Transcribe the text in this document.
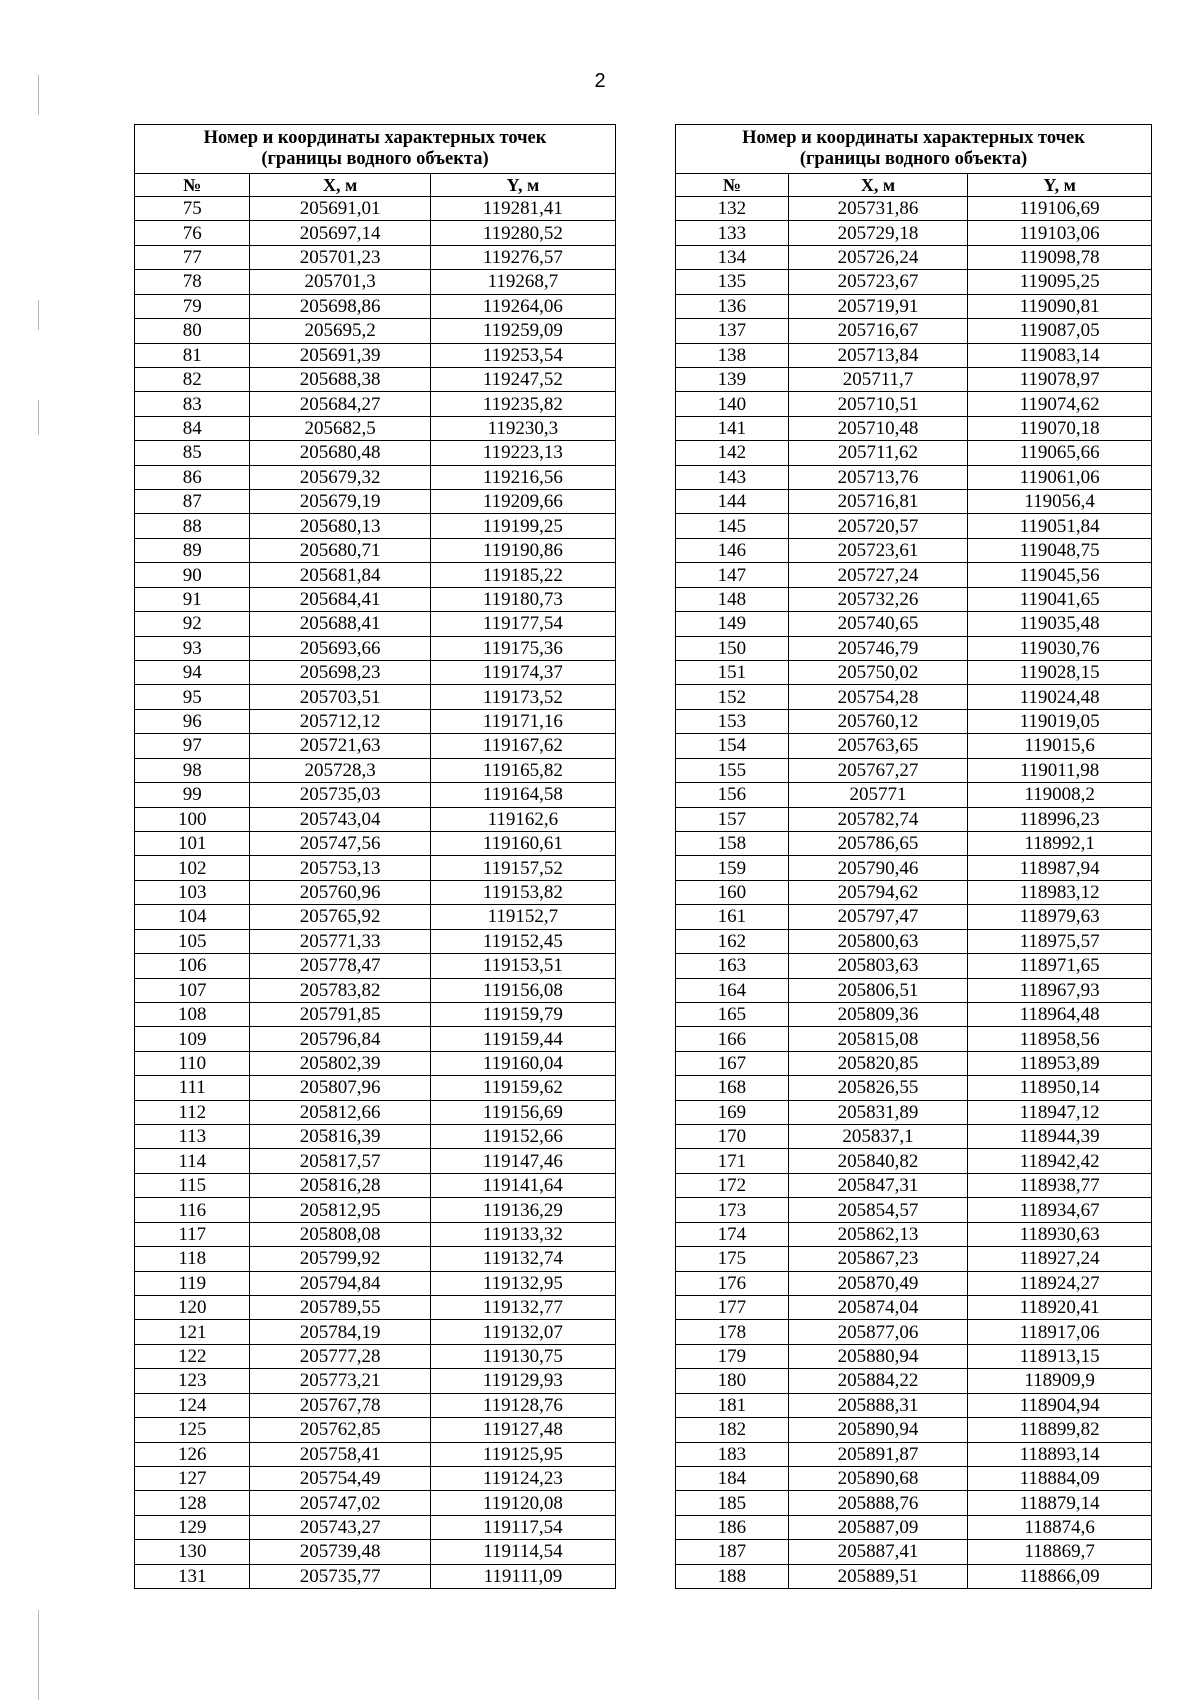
2
Номер и координаты характерных точек
(границы водного объекта)		

№	X, м	Y, м
75	205691,01	119281,41
76	205697,14	119280,52
77	205701,23	119276,57
78	205701,3	119268,7
79	205698,86	119264,06
80	205695,2	119259,09
81	205691,39	119253,54
82	205688,38	119247,52
83	205684,27	119235,82
84	205682,5	119230,3
85	205680,48	119223,13
86	205679,32	119216,56
87	205679,19	119209,66
88	205680,13	119199,25
89	205680,71	119190,86
90	205681,84	119185,22
91	205684,41	119180,73
92	205688,41	119177,54
93	205693,66	119175,36
94	205698,23	119174,37
95	205703,51	119173,52
96	205712,12	119171,16
97	205721,63	119167,62
98	205728,3	119165,82
99	205735,03	119164,58
100	205743,04	119162,6
101	205747,56	119160,61
102	205753,13	119157,52
103	205760,96	119153,82
104	205765,92	119152,7
105	205771,33	119152,45
106	205778,47	119153,51
107	205783,82	119156,08
108	205791,85	119159,79
109	205796,84	119159,44
110	205802,39	119160,04
111	205807,96	119159,62
112	205812,66	119156,69
113	205816,39	119152,66
114	205817,57	119147,46
115	205816,28	119141,64
116	205812,95	119136,29
117	205808,08	119133,32
118	205799,92	119132,74
119	205794,84	119132,95
120	205789,55	119132,77
121	205784,19	119132,07
122	205777,28	119130,75
123	205773,21	119129,93
124	205767,78	119128,76
125	205762,85	119127,48
126	205758,41	119125,95
127	205754,49	119124,23
128	205747,02	119120,08
129	205743,27	119117,54
130	205739,48	119114,54
131	205735,77	119111,09
Номер и координаты характерных точек
(границы водного объекта)		

№	X, м	Y, м
132	205731,86	119106,69
133	205729,18	119103,06
134	205726,24	119098,78
135	205723,67	119095,25
136	205719,91	119090,81
137	205716,67	119087,05
138	205713,84	119083,14
139	205711,7	119078,97
140	205710,51	119074,62
141	205710,48	119070,18
142	205711,62	119065,66
143	205713,76	119061,06
144	205716,81	119056,4
145	205720,57	119051,84
146	205723,61	119048,75
147	205727,24	119045,56
148	205732,26	119041,65
149	205740,65	119035,48
150	205746,79	119030,76
151	205750,02	119028,15
152	205754,28	119024,48
153	205760,12	119019,05
154	205763,65	119015,6
155	205767,27	119011,98
156	205771	119008,2
157	205782,74	118996,23
158	205786,65	118992,1
159	205790,46	118987,94
160	205794,62	118983,12
161	205797,47	118979,63
162	205800,63	118975,57
163	205803,63	118971,65
164	205806,51	118967,93
165	205809,36	118964,48
166	205815,08	118958,56
167	205820,85	118953,89
168	205826,55	118950,14
169	205831,89	118947,12
170	205837,1	118944,39
171	205840,82	118942,42
172	205847,31	118938,77
173	205854,57	118934,67
174	205862,13	118930,63
175	205867,23	118927,24
176	205870,49	118924,27
177	205874,04	118920,41
178	205877,06	118917,06
179	205880,94	118913,15
180	205884,22	118909,9
181	205888,31	118904,94
182	205890,94	118899,82
183	205891,87	118893,14
184	205890,68	118884,09
185	205888,76	118879,14
186	205887,09	118874,6
187	205887,41	118869,7
188	205889,51	118866,09
